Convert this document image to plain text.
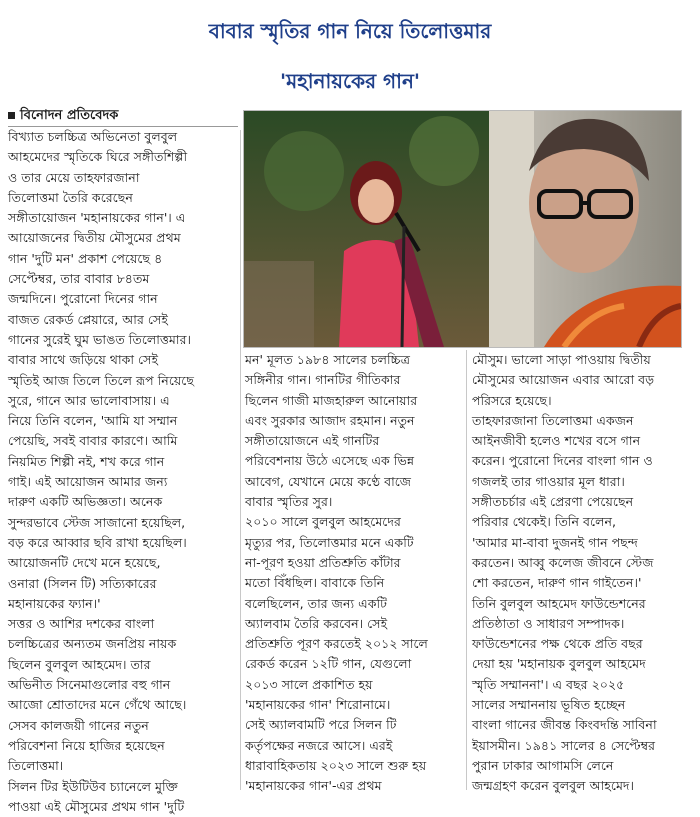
বাবার স্মৃতির গান নিয়ে তিলোত্তমার
'মহানায়কের গান'
বিনোদন প্রতিবেদক

বিখ্যাত চলচ্চিত্র অভিনেতা বুলবুল

আহমেদের স্মৃতিকে ঘিরে সঙ্গীতশিল্পী

ও তার মেয়ে তাহফারজানা

তিলোত্তমা তৈরি করেছেন

সঙ্গীতায়োজন 'মহানায়কের গান'। এ

আয়োজনের দ্বিতীয় মৌসুমের প্রথম

গান 'দুটি মন' প্রকাশ পেয়েছে ৪

সেপ্টেম্বর, তার বাবার ৮৪তম

জন্মদিনে। পুরোনো দিনের গান

বাজত রেকর্ড প্লেয়ারে, আর সেই

গানের সুরেই ঘুম ভাঙত তিলোত্তমার।

বাবার সাথে জড়িয়ে থাকা সেই

স্মৃতিই আজ তিলে তিলে রূপ নিয়েছে

সুরে, গানে আর ভালোবাসায়। এ

নিয়ে তিনি বলেন, 'আমি যা সম্মান

পেয়েছি, সবই বাবার কারণে। আমি

নিয়মিত শিল্পী নই, শখ করে গান

গাই। এই আয়োজন আমার জন্য

দারুণ একটি অভিজ্ঞতা। অনেক

সুন্দরভাবে স্টেজ সাজানো হয়েছিল,

বড় করে আব্বার ছবি রাখা হয়েছিল।

আয়োজনটি দেখে মনে হয়েছে,

ওনারা (সিলন টি) সত্যিকারের

মহানায়কের ফ্যান।'

সত্তর ও আশির দশকের বাংলা

চলচ্চিত্রের অন্যতম জনপ্রিয় নায়ক

ছিলেন বুলবুল আহমেদ। তার

অভিনীত সিনেমাগুলোর বহু গান

আজো শ্রোতাদের মনে গেঁথে আছে।

সেসব কালজয়ী গানের নতুন

পরিবেশনা নিয়ে হাজির হয়েছেন

তিলোত্তমা।

সিলন টির ইউটিউব চ্যানেলে মুক্তি

পাওয়া এই মৌসুমের প্রথম গান 'দুটি

মন' মূলত ১৯৮৪ সালের চলচ্চিত্র

সঙ্গিনীর গান। গানটির গীতিকার

ছিলেন গাজী মাজহারুল আনোয়ার

এবং সুরকার আজাদ রহমান। নতুন

সঙ্গীতায়োজনে এই গানটির

পরিবেশনায় উঠে এসেছে এক ভিন্ন

আবেগ, যেখানে মেয়ে কণ্ঠে বাজে

বাবার স্মৃতির সুর।

২০১০ সালে বুলবুল আহমেদের

মৃত্যুর পর, তিলোত্তমার মনে একটি

না-পূরণ হওয়া প্রতিশ্রুতি কাঁটার

মতো বিঁধছিল। বাবাকে তিনি

বলেছিলেন, তার জন্য একটি

অ্যালবাম তৈরি করবেন। সেই

প্রতিশ্রুতি পূরণ করতেই ২০১২ সালে

রেকর্ড করেন ১২টি গান, যেগুলো

২০১৩ সালে প্রকাশিত হয়

'মহানায়কের গান' শিরোনামে।

সেই অ্যালবামটি পরে সিলন টি

কর্তৃপক্ষের নজরে আসে। এরই

ধারাবাহিকতায় ২০২৩ সালে শুরু হয়

'মহানায়কের গান'-এর প্রথম

মৌসুম। ভালো সাড়া পাওয়ায় দ্বিতীয়

মৌসুমের আয়োজন এবার আরো বড়

পরিসরে হয়েছে।

তাহফারজানা তিলোত্তমা একজন

আইনজীবী হলেও শখের বসে গান

করেন। পুরোনো দিনের বাংলা গান ও

গজলই তার গাওয়ার মূল ধারা।

সঙ্গীতচর্চার এই প্রেরণা পেয়েছেন

পরিবার থেকেই। তিনি বলেন,

'আমার মা-বাবা দুজনই গান পছন্দ

করতেন। আব্বু কলেজ জীবনে স্টেজ

শো করতেন, দারুণ গান গাইতেন।'

তিনি বুলবুল আহমেদ ফাউন্ডেশনের

প্রতিষ্ঠাতা ও সাধারণ সম্পাদক।

ফাউন্ডেশনের পক্ষ থেকে প্রতি বছর

দেয়া হয় 'মহানায়ক বুলবুল আহমেদ

স্মৃতি সম্মাননা'। এ বছর ২০২৫

সালের সম্মাননায় ভূষিত হচ্ছেন

বাংলা গানের জীবন্ত কিংবদন্তি সাবিনা

ইয়াসমীন। ১৯৪১ সালের ৪ সেপ্টেম্বর

পুরান ঢাকার আগামসি লেনে

জন্মগ্রহণ করেন বুলবুল আহমেদ।
